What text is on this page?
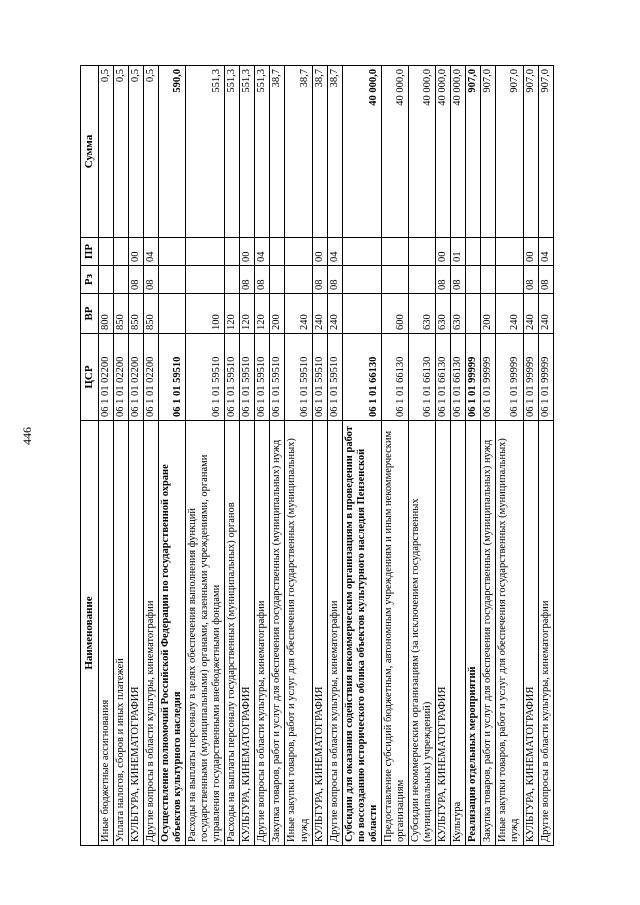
446
Наименование	ЦСР	ВР	Рз	ПР	Сумма
Иные бюджетные ассигнования	06 1 01 02200	800			0,5
Уплата налогов, сборов и иных платежей	06 1 01 02200	850			0,5
КУЛЬТУРА, КИНЕМАТОГРАФИЯ	06 1 01 02200	850	08	00	0,5
Другие вопросы в области культуры, кинематографии	06 1 01 02200	850	08	04	0,5
Осуществление полномочий Российской Федерации по государственной охране объектов культурного наследия	06 1 01 59510				590,0
Расходы на выплаты персоналу в целях обеспечения выполнения функций государственными (муниципальными) органами, казенными учреждениями, органами управления государственными внебюджетными фондами	06 1 01 59510	100			551,3
Расходы на выплаты персоналу государственных (муниципальных) органов	06 1 01 59510	120			551,3
КУЛЬТУРА, КИНЕМАТОГРАФИЯ	06 1 01 59510	120	08	00	551,3
Другие вопросы в области культуры, кинематографии	06 1 01 59510	120	08	04	551,3
Закупка товаров, работ и услуг для обеспечения государственных (муниципальных) нужд	06 1 01 59510	200			38,7
Иные закупки товаров, работ и услуг для обеспечения государственных (муниципальных) нужд	06 1 01 59510	240			38,7
КУЛЬТУРА, КИНЕМАТОГРАФИЯ	06 1 01 59510	240	08	00	38,7
Другие вопросы в области культуры, кинематографии	06 1 01 59510	240	08	04	38,7
Субсидии для оказания содействия некоммерческим организациям в проведении работ по воссозданию исторического облика объектов культурного наследия Пензенской области	06 1 01 66130				40 000,0
Предоставление субсидий бюджетным, автономным учреждениям и иным некоммерческим организациям	06 1 01 66130	600			40 000,0
Субсидии некоммерческим организациям (за исключением государственных (муниципальных) учреждений)	06 1 01 66130	630			40 000,0
КУЛЬТУРА, КИНЕМАТОГРАФИЯ	06 1 01 66130	630	08	00	40 000,0
Культура	06 1 01 66130	630	08	01	40 000,0
Реализация отдельных мероприятий	06 1 01 99999				907,0
Закупка товаров, работ и услуг для обеспечения государственных (муниципальных) нужд	06 1 01 99999	200			907,0
Иные закупки товаров, работ и услуг для обеспечения государственных (муниципальных) нужд	06 1 01 99999	240			907,0
КУЛЬТУРА, КИНЕМАТОГРАФИЯ	06 1 01 99999	240	08	00	907,0
Другие вопросы в области культуры, кинематографии	06 1 01 99999	240	08	04	907,0
